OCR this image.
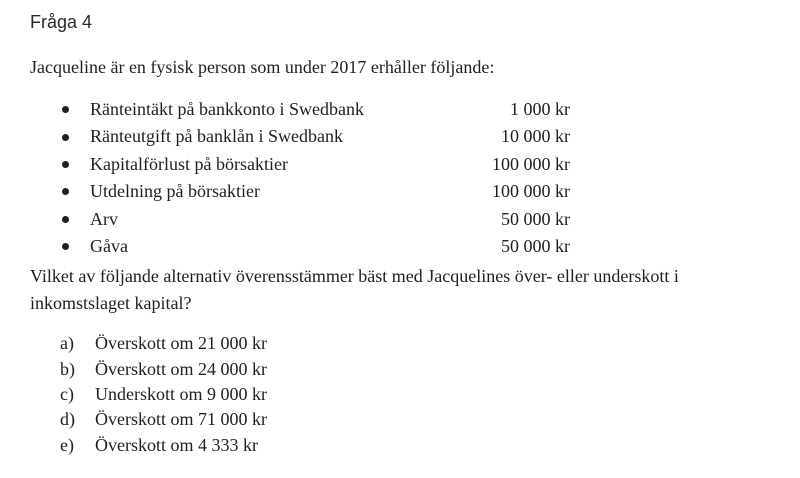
Fråga 4

Jacqueline är en fysisk person som under 2017 erhåller följande:

Ränteintäkt på bankkonto i Swedbank	1 000 kr
Ränteutgift på banklån i Swedbank	10 000 kr
Kapitalförlust på börsaktier	100 000 kr
Utdelning på börsaktier	100 000 kr
Arv	50 000 kr
Gåva	50 000 kr

Vilket av följande alternativ överensstämmer bäst med Jacquelines över- eller underskott i
inkomstslaget kapital?

a)	Överskott om 21 000 kr
b)	Överskott om 24 000 kr
c)	Underskott om 9 000 kr
d)	Överskott om 71 000 kr
e)	Överskott om 4 333 kr
